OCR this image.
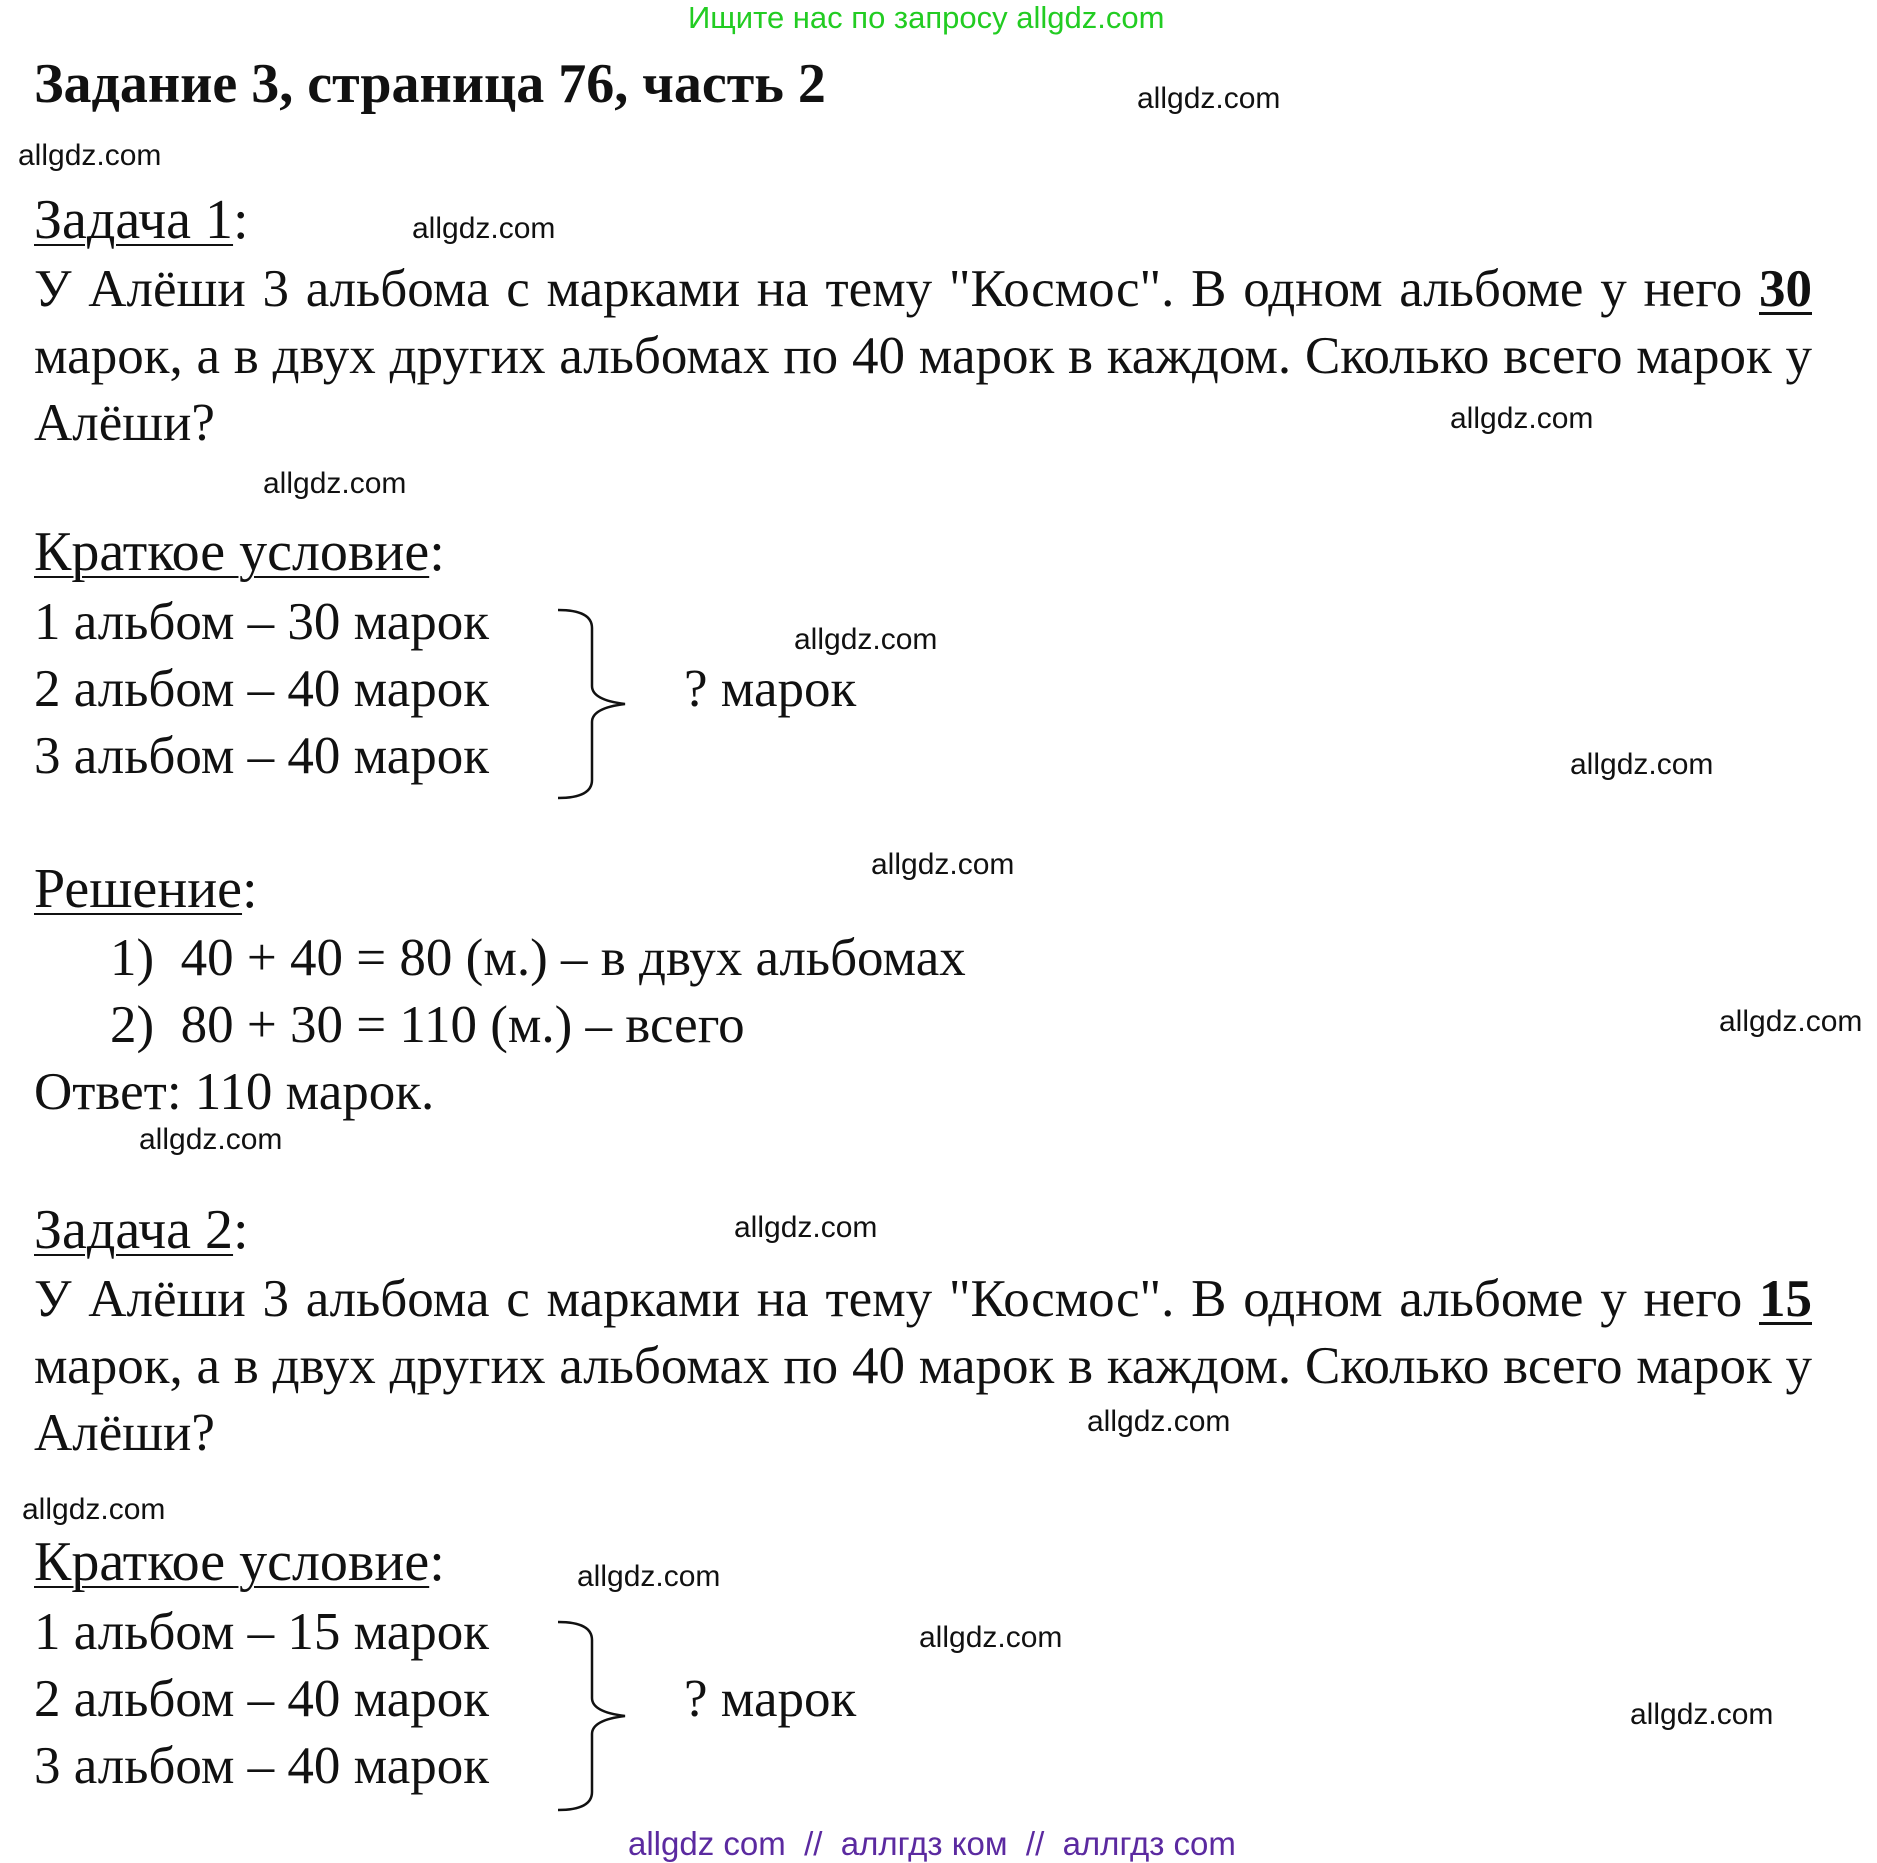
Ищите нас по запросу allgdz.com
Задание 3, страница 76, часть 2
Задача 1:
У Алёши 3 альбома с марками на тему "Космос". В одном альбоме у него 30 марок, а в двух других альбомах по 40 марок в каждом. Сколько всего марок у Алёши?
Краткое условие:
1 альбом – 30 марок
2 альбом – 40 марок
3 альбом – 40 марок
? марок
Решение:
1)  40 + 40 = 80 (м.) – в двух альбомах
2)  80 + 30 = 110 (м.) – всего
Ответ: 110 марок.
Задача 2:
У Алёши 3 альбома с марками на тему "Космос". В одном альбоме у него 15 марок, а в двух других альбомах по 40 марок в каждом. Сколько всего марок у Алёши?
Краткое условие:
1 альбом – 15 марок
2 альбом – 40 марок
3 альбом – 40 марок
? марок
allgdz.com
allgdz.com
allgdz.com
allgdz.com
allgdz.com
allgdz.com
allgdz.com
allgdz.com
allgdz.com
allgdz.com
allgdz.com
allgdz.com
allgdz.com
allgdz.com
allgdz.com
allgdz.com
allgdz com  //  аллгдз ком  //  аллгдз com
